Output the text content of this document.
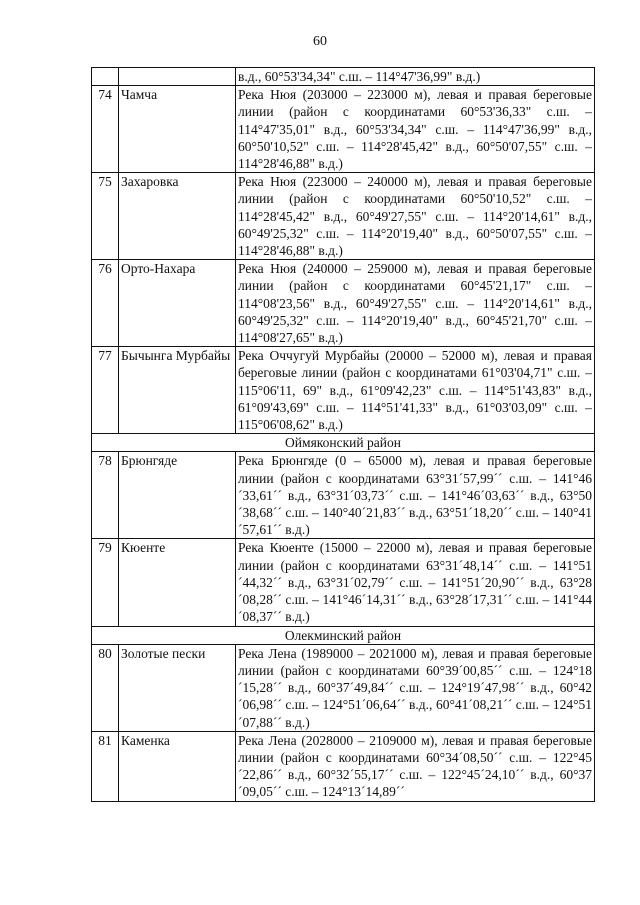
60
		в.д., 60°53'34,34" с.ш. – 114°47'36,99" в.д.)
74	Чамча	Река Нюя (203000 – 223000 м), левая и правая береговые линии (район с координатами 60°53'36,33" с.ш. – 114°47'35,01" в.д., 60°53'34,34" с.ш. – 114°47'36,99" в.д., 60°50'10,52" с.ш. – 114°28'45,42" в.д., 60°50'07,55" с.ш. – 114°28'46,88" в.д.)
75	Захаровка	Река Нюя (223000 – 240000 м), левая и правая береговые линии (район с координатами 60°50'10,52" с.ш. – 114°28'45,42" в.д., 60°49'27,55" с.ш. – 114°20'14,61" в.д., 60°49'25,32" с.ш. – 114°20'19,40" в.д., 60°50'07,55" с.ш. – 114°28'46,88" в.д.)
76	Орто-Нахара	Река Нюя (240000 – 259000 м), левая и правая береговые линии (район с координатами 60°45'21,17" с.ш. – 114°08'23,56" в.д., 60°49'27,55" с.ш. – 114°20'14,61" в.д., 60°49'25,32" с.ш. – 114°20'19,40" в.д., 60°45'21,70" с.ш. – 114°08'27,65" в.д.)
77	Бычынга Мурбайы	Река Оччугуй Мурбайы (20000 – 52000 м), левая и правая береговые линии (район с координатами 61°03'04,71" с.ш. – 115°06'11, 69" в.д., 61°09'42,23" с.ш. – 114°51'43,83" в.д., 61°09'43,69" с.ш. – 114°51'41,33" в.д., 61°03'03,09" с.ш. – 115°06'08,62" в.д.)
Оймяконский район		
78	Брюнгяде	Река Брюнгяде (0 – 65000 м), левая и правая береговые линии (район с координатами 63°31´57,99´´ с.ш. – 141°46´33,61´´ в.д., 63°31´03,73´´ с.ш. – 141°46´03,63´´ в.д., 63°50´38,68´´ с.ш. – 140°40´21,83´´ в.д., 63°51´18,20´´ с.ш. – 140°41´57,61´´ в.д.)
79	Кюенте	Река Кюенте (15000 – 22000 м), левая и правая береговые линии (район с координатами 63°31´48,14´´ с.ш. – 141°51´44,32´´ в.д., 63°31´02,79´´ с.ш. – 141°51´20,90´´ в.д., 63°28´08,28´´ с.ш. – 141°46´14,31´´ в.д., 63°28´17,31´´ с.ш. – 141°44´08,37´´ в.д.)
Олекминский район		
80	Золотые пески	Река Лена (1989000 – 2021000 м), левая и правая береговые линии (район с координатами 60°39´00,85´´ с.ш. – 124°18´15,28´´ в.д., 60°37´49,84´´ с.ш. – 124°19´47,98´´ в.д., 60°42´06,98´´ с.ш. – 124°51´06,64´´ в.д., 60°41´08,21´´ с.ш. – 124°51´07,88´´ в.д.)
81	Каменка	Река Лена (2028000 – 2109000 м), левая и правая береговые линии (район с координатами 60°34´08,50´´ с.ш. – 122°45´22,86´´ в.д., 60°32´55,17´´ с.ш. – 122°45´24,10´´ в.д., 60°37´09,05´´ с.ш. – 124°13´14,89´´
